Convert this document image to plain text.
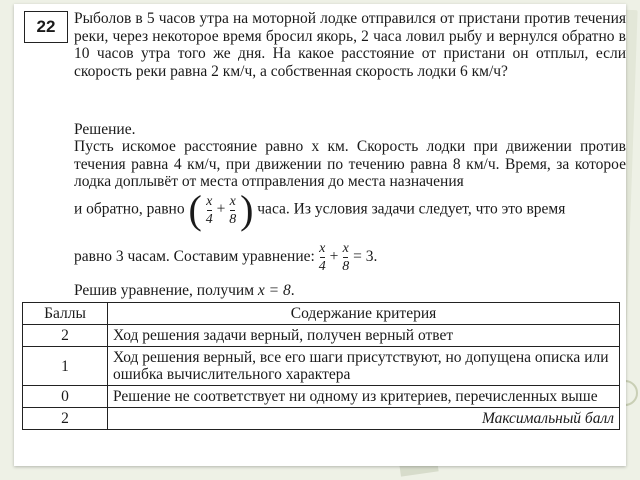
22	Рыболов в 5 часов утра на моторной лодке отправился от пристани против течения реки, через некоторое время бросил якорь, 2 часа ловил рыбу и вернулся обратно в 10 часов утра того же дня. На какое расстояние от пристани он отплыл, если скорость реки равна 2 км/ч, а собственная скорость лодки 6 км/ч?
Решение.
Пусть искомое расстояние равно x км. Скорость лодки при движении против течения равна 4 км/ч, при движении по течению равна 8 км/ч. Время, за которое лодка доплывёт от места отправления до места назначения
и обратно, равно ( $\frac{x}{4} + \frac{x}{8}$ ) часа. Из условия задачи следует, что это время
равно 3 часам. Составим уравнение: $\frac{x}{4} + \frac{x}{8} = 3$.
Решив уравнение, получим x = 8.
Баллы	Содержание критерия
2	Ход решения задачи верный, получен верный ответ
1	Ход решения верный, все его шаги присутствуют, но допущена описка или ошибка вычислительного характера
0	Решение не соответствует ни одному из критериев, перечисленных выше
2	Максимальный балл
